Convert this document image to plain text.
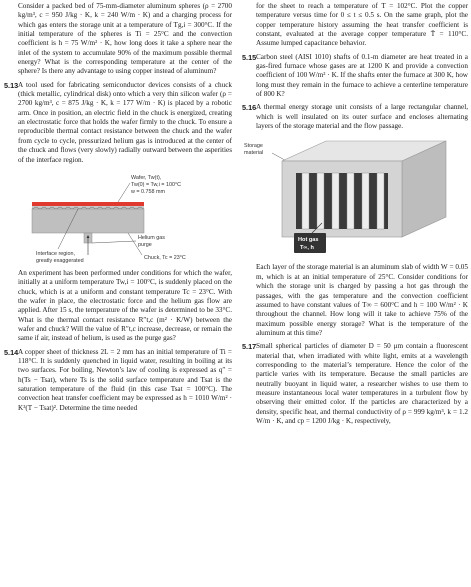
Consider a packed bed of 75-mm-diameter aluminum spheres (ρ = 2700 kg/m³, c = 950 J/kg · K, k = 240 W/m · K) and a charging process for which gas enters the storage unit at a temperature of Tg,i = 300°C. If the initial temperature of the spheres is Ti = 25°C and the convection coefficient is h = 75 W/m² · K, how long does it take a sphere near the inlet of the system to accumulate 90% of the maximum possible thermal energy? What is the corresponding temperature at the center of the sphere? Is there any advantage to using copper instead of aluminum?

5.13 A tool used for fabricating semiconductor devices consists of a chuck (thick metallic, cylindrical disk) onto which a very thin silicon wafer (ρ = 2700 kg/m³, c = 875 J/kg · K, k = 177 W/m · K) is placed by a robotic arm. Once in position, an electric field in the chuck is energized, creating an electrostatic force that holds the wafer firmly to the chuck. To ensure a reproducible thermal contact resistance between the chuck and the wafer from cycle to cycle, pressurized helium gas is introduced at the center of the chuck and flows (very slowly) radially outward between the asperities of the interface region.

Wafer, Tw(t),
Tw(0) = Tw,i = 100°C
w = 0.758 mm
Helium gas
purge
Interface region,
greatly exaggerated	Chuck, Tc = 23°C

An experiment has been performed under conditions for which the wafer, initially at a uniform temperature Tw,i = 100°C, is suddenly placed on the chuck, which is at a uniform and constant temperature Tc = 23°C. With the wafer in place, the electrostatic force and the helium gas flow are applied. After 15 s, the temperature of the wafer is determined to be 33°C. What is the thermal contact resistance R″t,c (m² · K/W) between the wafer and chuck? Will the value of R″t,c increase, decrease, or remain the same if air, instead of helium, is used as the purge gas?

5.14 A copper sheet of thickness 2L = 2 mm has an initial temperature of Ti = 118°C. It is suddenly quenched in liquid water, resulting in boiling at its two surfaces. For boiling, Newton’s law of cooling is expressed as q″ = h(Ts − Tsat), where Ts is the solid surface temperature and Tsat is the saturation temperature of the fluid (in this case Tsat = 100°C). The convection heat transfer coefficient may be expressed as h = 1010 W/m² · K³(T − Tsat)². Determine the time needed

for the sheet to reach a temperature of T = 102°C. Plot the copper temperature versus time for 0 ≤ t ≤ 0.5 s. On the same graph, plot the copper temperature history assuming the heat transfer coefficient is constant, evaluated at the average copper temperature T̄ = 110°C. Assume lumped capacitance behavior.

5.15 Carbon steel (AISI 1010) shafts of 0.1-m diameter are heat treated in a gas-fired furnace whose gases are at 1200 K and provide a convection coefficient of 100 W/m² · K. If the shafts enter the furnace at 300 K, how long must they remain in the furnace to achieve a centerline temperature of 800 K?

5.16 A thermal energy storage unit consists of a large rectangular channel, which is well insulated on its outer surface and encloses alternating layers of the storage material and the flow passage.

Storage
material
Hot gas
T∞, h

Each layer of the storage material is an aluminum slab of width W = 0.05 m, which is at an initial temperature of 25°C. Consider conditions for which the storage unit is charged by passing a hot gas through the passages, with the gas temperature and the convection coefficient assumed to have constant values of T∞ = 600°C and h = 100 W/m² · K throughout the channel. How long will it take to achieve 75% of the maximum possible energy storage? What is the temperature of the aluminum at this time?

5.17 Small spherical particles of diameter D = 50 μm contain a fluorescent material that, when irradiated with white light, emits at a wavelength corresponding to the material’s temperature. Hence the color of the particle varies with its temperature. Because the small particles are neutrally buoyant in liquid water, a researcher wishes to use them to measure instantaneous local water temperatures in a turbulent flow by observing their emitted color. If the particles are characterized by a density, specific heat, and thermal conductivity of ρ = 999 kg/m³, k = 1.2 W/m · K, and cp = 1200 J/kg · K, respectively,
